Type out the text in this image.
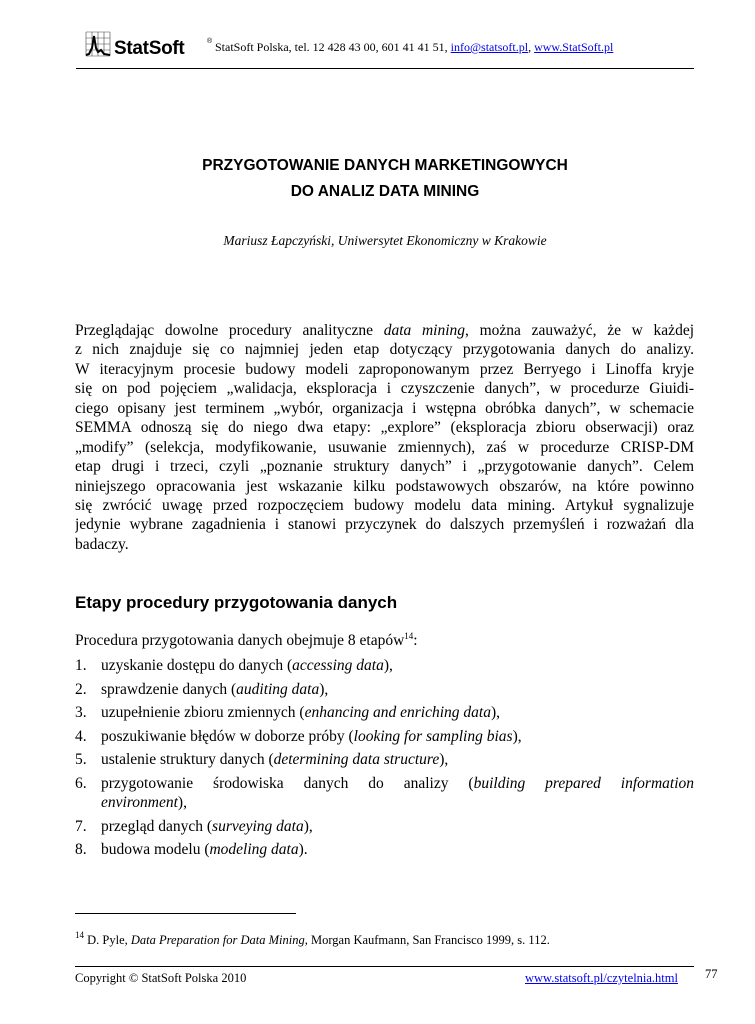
StatSoft	® StatSoft Polska, tel. 12 428 43 00, 601 41 41 51, info@statsoft.pl, www.StatSoft.pl
PRZYGOTOWANIE DANYCH MARKETINGOWYCH
DO ANALIZ DATA MINING
Mariusz Łapczyński, Uniwersytet Ekonomiczny w Krakowie
Przeglądając dowolne procedury analityczne data mining, można zauważyć, że w każdej
z nich znajduje się co najmniej jeden etap dotyczący przygotowania danych do analizy.
W iteracyjnym procesie budowy modeli zaproponowanym przez Berryego i Linoffa kryje
się on pod pojęciem „walidacja, eksploracja i czyszczenie danych”, w procedurze Giuidi-
ciego opisany jest terminem „wybór, organizacja i wstępna obróbka danych”, w schemacie
SEMMA odnoszą się do niego dwa etapy: „explore” (eksploracja zbioru obserwacji) oraz
„modify” (selekcja, modyfikowanie, usuwanie zmiennych), zaś w procedurze CRISP-DM
etap drugi i trzeci, czyli „poznanie struktury danych” i „przygotowanie danych”. Celem
niniejszego opracowania jest wskazanie kilku podstawowych obszarów, na które powinno
się zwrócić uwagę przed rozpoczęciem budowy modelu data mining. Artykuł sygnalizuje
jedynie wybrane zagadnienia i stanowi przyczynek do dalszych przemyśleń i rozważań dla
badaczy.
Etapy procedury przygotowania danych
Procedura przygotowania danych obejmuje 8 etapów$^{14}$:
1. uzyskanie dostępu do danych (accessing data),
2. sprawdzenie danych (auditing data),
3. uzupełnienie zbioru zmiennych (enhancing and enriching data),
4. poszukiwanie błędów w doborze próby (looking for sampling bias),
5. ustalenie struktury danych (determining data structure),
6. przygotowanie środowiska danych do analizy (building prepared information
environment),
7. przegląd danych (surveying data),
8. budowa modelu (modeling data).
$^{14}$ D. Pyle, Data Preparation for Data Mining, Morgan Kaufmann, San Francisco 1999, s. 112.
Copyright © StatSoft Polska 2010	www.statsoft.pl/czytelnia.html 77
